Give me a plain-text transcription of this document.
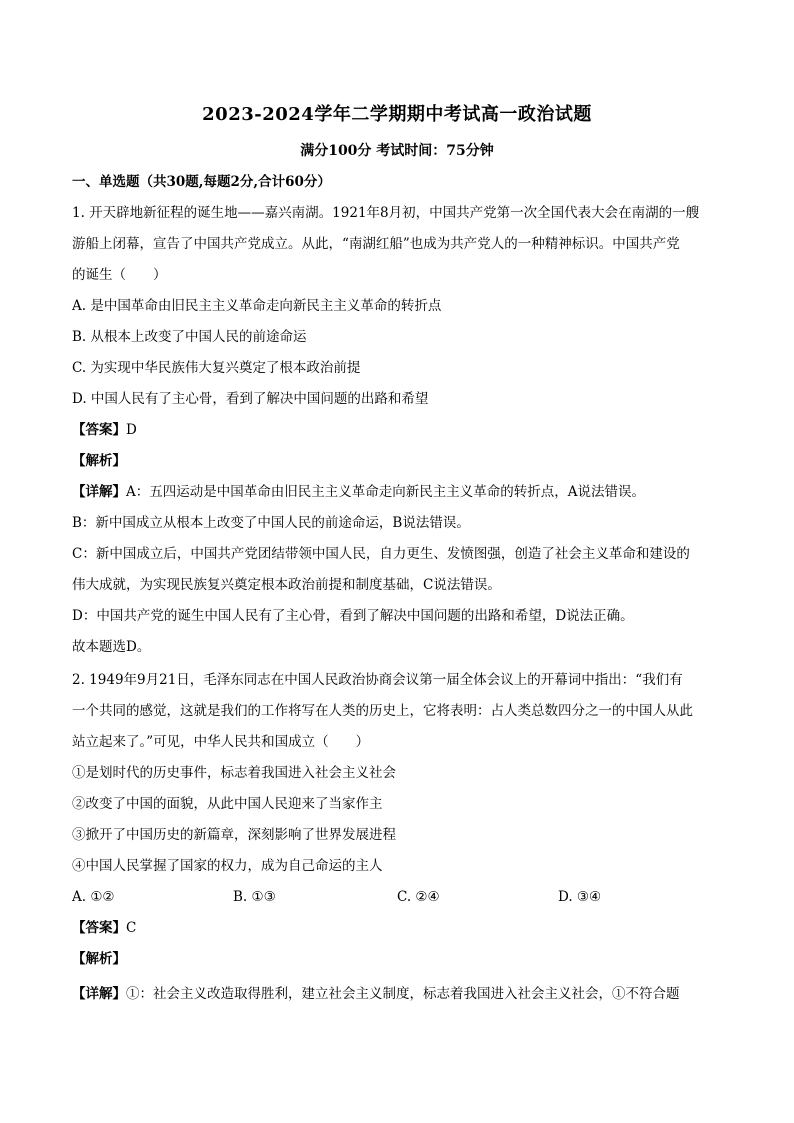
2023-2024学年二学期期中考试高一政治试题
满分100分 考试时间：75分钟
一、单选题（共30题,每题2分,合计60分）
1. 开天辟地新征程的诞生地——嘉兴南湖。1921年8月初，中国共产党第一次全国代表大会在南湖的一艘
游船上闭幕，宣告了中国共产党成立。从此，“南湖红船”也成为共产党人的一种精神标识。中国共产党
的诞生（　　）
A. 是中国革命由旧民主主义革命走向新民主主义革命的转折点
B. 从根本上改变了中国人民的前途命运
C. 为实现中华民族伟大复兴奠定了根本政治前提
D. 中国人民有了主心骨，看到了解决中国问题的出路和希望
【答案】D
【解析】
【详解】A：五四运动是中国革命由旧民主主义革命走向新民主主义革命的转折点，A说法错误。
B：新中国成立从根本上改变了中国人民的前途命运，B说法错误。
C：新中国成立后，中国共产党团结带领中国人民，自力更生、发愤图强，创造了社会主义革命和建设的
伟大成就，为实现民族复兴奠定根本政治前提和制度基础，C说法错误。
D：中国共产党的诞生中国人民有了主心骨，看到了解决中国问题的出路和希望，D说法正确。
故本题选D。
2. 1949年9月21日，毛泽东同志在中国人民政治协商会议第一届全体会议上的开幕词中指出：“我们有
一个共同的感觉，这就是我们的工作将写在人类的历史上，它将表明：占人类总数四分之一的中国人从此
站立起来了。”可见，中华人民共和国成立（　　）
①是划时代的历史事件，标志着我国进入社会主义社会
②改变了中国的面貌，从此中国人民迎来了当家作主
③掀开了中国历史的新篇章，深刻影响了世界发展进程
④中国人民掌握了国家的权力，成为自己命运的主人
A. ①②	B. ①③	C. ②④	D. ③④
【答案】C
【解析】
【详解】①：社会主义改造取得胜利，建立社会主义制度，标志着我国进入社会主义社会，①不符合题
